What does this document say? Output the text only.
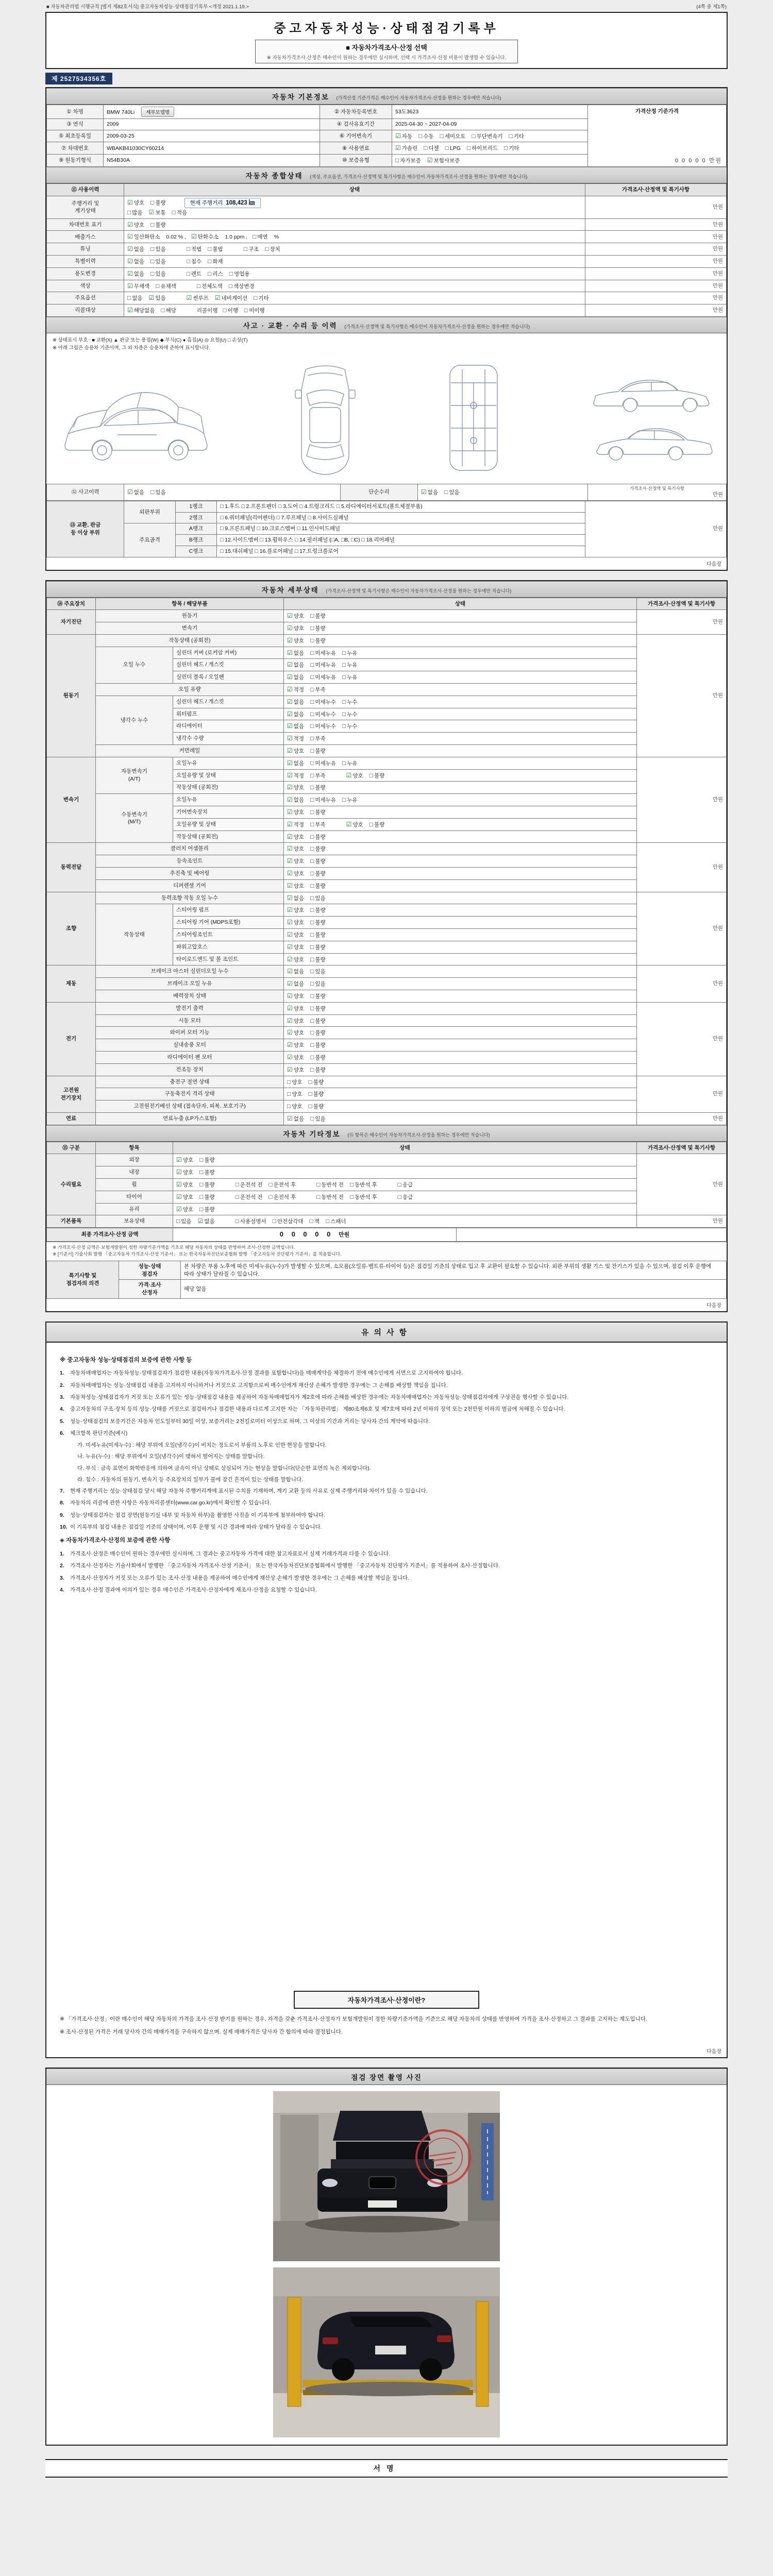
■ 자동차관리법 시행규칙 [별지 제82호서식] 중고자동차성능·상태점검기록부 <개정 2021.1.19.>	(4쪽 중 제1쪽)
중고자동차성능·상태점검기록부
■ 자동차가격조사·산정 선택
※ 자동차가격조사·산정은 매수인이 원하는 경우에만 실시하며, 선택 시 가격조사·산정 비용이 발생할 수 있습니다.
제 2527534356호
자동차 기본정보 (가격산정 기준가격은 매수인이 자동차가격조사·산정을 원하는 경우에만 적습니다)
① 차명	BMW 740Li 세부모델명	② 자동차등록번호	53도3623	가격산정 기준가격
0 0 0 0 0 만원

③ 연식	2009	④ 검사유효기간	2025-04-30 ~ 2027-04-09	
⑤ 최초등록일	2009-03-25	⑥ 기어변속기	☑ 자동 □ 수동 □ 세미오토 □ 무단변속기 □ 기타	
⑦ 차대번호	WBAKB41030CY60214	⑧ 사용연료	☑ 가솔린 □ 디젤 □ LPG □ 하이브리드 □ 기타	
⑨ 원동기형식	N54B30A	⑩ 보증유형	□ 자가보증 ☑ 보험사보증	
자동차 종합상태 (색상, 주요옵션, 가격조사·산정액 및 특기사항은 매수인이 자동차가격조사·산정을 원하는 경우에만 적습니다)
⑪ 사용이력	상태	가격조사·산정액 및 특기사항
주행거리 및
계기상태	☑ 양호 □ 불량 현재 주행거리  108,423 ㎞
□ 많음 ☑ 보통 □ 적음	만원
차대번호 표기	☑ 양호 □ 불량	만원
배출가스	☑ 일산화탄소 0.02 % , ☑ 탄화수소 1.0 ppm , □ 매연 %	만원
튜닝	☑ 없음 □ 있음 □ 적법 □ 불법 □ 구조 □ 장치	만원
특별이력	☑ 없음 □ 있음 □ 침수 □ 화재	만원
용도변경	☑ 없음 □ 있음 □ 렌트 □ 리스 □ 영업용	만원
색상	☑ 무채색 □ 유채색 □ 전체도색 □ 색상변경	만원
주요옵션	□ 없음 ☑ 있음 ☑ 썬루프 ☑ 네비게이션 □ 기타	만원
리콜대상	☑ 해당없음 □ 해당 리콜이행 □ 이행 □ 미이행	만원
사고 · 교환 · 수리 등 이력 (가격조사·산정액 및 특기사항은 매수인이 자동차가격조사·산정을 원하는 경우에만 적습니다)
※ 상태표시 부호 : ■ 교환(X) ▲ 판금 또는 용접(W) ◆ 부식(C) ● 흠집(A) ◎ 요철(U) □ 손상(T)
※ 아래 그림은 승용차 기준이며, 그 외 차종은 승용차에 준하여 표시합니다.
⑫ 사고이력	☑ 없음 □ 있음	단순수리	☑ 없음 □ 있음	
가격조사·산정액 및 특기사항
만원
⑬ 교환, 판금
등 이상 부위	외판부위	1랭크	□ 1.후드 □ 2.프론트펜더 □ 3.도어 □ 4.트렁크리드 □ 5.라디에이터서포트(볼트체결부품)	만원
		2랭크	□ 6.쿼터패널(리어펜더) □ 7.루프패널 □ 8.사이드실패널	
	주요골격	A랭크	□ 9.프론트패널 □ 10.크로스멤버 □ 11.인사이드패널	
		B랭크	□ 12.사이드멤버 □ 13.휠하우스 □ 14.필러패널 (□A, □B, □C) □ 18.리어패널	
		C랭크	□ 15.대쉬패널 □ 16.플로어패널 □ 17.트렁크플로어	
다음장
자동차 세부상태 (가격조사·산정액 및 특기사항은 매수인이 자동차가격조사·산정을 원하는 경우에만 적습니다)
⑭ 주요장치	항목 / 해당부품		상태	가격조사·산정액 및 특기사항
자기진단	원동기		☑ 양호 □ 불량	만원
	변속기		☑ 양호 □ 불량	
원동기	작동상태 (공회전)		☑ 양호 □ 불량	만원
	오일 누수	실린더 커버 (로커암 커버)	☑ 없음 □ 미세누유 □ 누유	
		실린더 헤드 / 개스킷	☑ 없음 □ 미세누유 □ 누유	
		실린더 블록 / 오일팬	☑ 없음 □ 미세누유 □ 누유	
	오일 유량		☑ 적정 □ 부족	
	냉각수 누수	실린더 헤드 / 개스킷	☑ 없음 □ 미세누수 □ 누수	
		워터펌프	☑ 없음 □ 미세누수 □ 누수	
		라디에이터	☑ 없음 □ 미세누수 □ 누수	
		냉각수 수량	☑ 적정 □ 부족	
	커먼레일		☑ 양호 □ 불량	
변속기	자동변속기
(A/T)	오일누유	☑ 없음 □ 미세누유 □ 누유	만원
		오일유량 및 상태	☑ 적정 □ 부족 ☑ 양호 □ 불량	
		작동상태 (공회전)	☑ 양호 □ 불량	
	수동변속기
(M/T)	오일누유	☑ 없음 □ 미세누유 □ 누유	
		기어변속장치	☑ 양호 □ 불량	
		오일유량 및 상태	☑ 적정 □ 부족 ☑ 양호 □ 불량	
		작동상태 (공회전)	☑ 양호 □ 불량	
동력전달	클러치 어셈블리		☑ 양호 □ 불량	만원
	등속조인트		☑ 양호 □ 불량	
	추진축 및 베어링		☑ 양호 □ 불량	
	디퍼렌셜 기어		☑ 양호 □ 불량	
조향	동력조향 작동 오일 누수		☑ 없음 □ 있음	만원
	작동상태	스티어링 펌프	☑ 양호 □ 불량	
		스티어링 기어 (MDPS포함)	☑ 양호 □ 불량	
		스티어링조인트	☑ 양호 □ 불량	
		파워고압호스	☑ 양호 □ 불량	
		타이로드엔드 및 볼 조인트	☑ 양호 □ 불량	
제동	브레이크 마스터 실린더오일 누수		☑ 없음 □ 있음	만원
	브레이크 오일 누유		☑ 없음 □ 있음	
	배력장치 상태		☑ 양호 □ 불량	
전기	발전기 출력		☑ 양호 □ 불량	만원
	시동 모터		☑ 양호 □ 불량	
	와이퍼 모터 기능		☑ 양호 □ 불량	
	실내송풍 모터		☑ 양호 □ 불량	
	라디에이터 팬 모터		☑ 양호 □ 불량	
	전조등 장치		☑ 양호 □ 불량	
고전원
전기장치	충전구 절연 상태		□ 양호 □ 불량	만원
	구동축전지 격리 상태		□ 양호 □ 불량	
	고전원전기배선 상태 (접속단자, 피복, 보호기구)		□ 양호 □ 불량	
연료	연료누출 (LP가스포함)		☑ 없음 □ 있음	만원
자동차 기타정보 (⑮ 항목은 매수인이 자동차가격조사·산정을 원하는 경우에만 적습니다)
⑮ 구분	항목	상태	가격조사·산정액 및 특기사항
수리필요	외장	☑ 양호 □ 불량	만원
	내장	☑ 양호 □ 불량	
	휠	☑ 양호 □ 불량 □ 운전석 전 □ 운전석 후 □ 동반석 전 □ 동반석 후 □ 응급	
	타이어	☑ 양호 □ 불량 □ 운전석 전 □ 운전석 후 □ 동반석 전 □ 동반석 후 □ 응급	
	유리	☑ 양호 □ 불량	
기본품목	보유상태	□ 있음 ☑ 없음 □ 사용설명서 □ 안전삼각대 □ 잭 □ 스패너	만원
최종 가격조사·산정 금액	0 0 0 0 0 만원	
※ 가격조사·산정 금액은 보험개발원이 정한 차량기준가액을 기초로 해당 자동차의 상태를 반영하여 조사·산정한 금액입니다.
※ [기준서] 기술사회 발행 「중고자동차 가격조사·산정 기준서」 또는 한국자동차진단보증협회 발행 「중고자동차 진단평가 기준서」를 적용합니다.
특기사항 및
점검자의 의견	성능·상태
점검자	본 차량은 부품 노후에 따른 미세누유(누수)가 발생할 수 있으며, 소모품(오일류·벨트류·타이어 등)은 점검일 기준의 상태로 입고 후 교환이 필요할 수 있습니다. 외판 부위의 생활 기스 및 잔기스가 있을 수 있으며, 점검 이후 운행에 따라 상태가 달라질 수 있습니다.
	가격·조사
산정자	해당 없음
다음장
유의사항
※ 중고자동차 성능·상태점검의 보증에 관한 사항 등
1.	자동차매매업자는 자동차성능·상태점검자가 점검한 내용(자동차가격조사·산정 결과를 포함합니다)을 매매계약을 체결하기 전에 매수인에게 서면으로 고지하여야 합니다.
2.	자동차매매업자는 성능·상태점검 내용을 고지하지 아니하거나 거짓으로 고지함으로써 매수인에게 재산상 손해가 발생한 경우에는 그 손해를 배상할 책임을 집니다.
3.	자동차성능·상태점검자가 거짓 또는 오류가 있는 성능·상태점검 내용을 제공하여 자동차매매업자가 제2호에 따라 손해를 배상한 경우에는 자동차매매업자는 자동차성능·상태점검자에게 구상권을 행사할 수 있습니다.
4.	중고자동차의 구조·장치 등의 성능·상태를 거짓으로 점검하거나 점검한 내용과 다르게 고지한 자는 「자동차관리법」 제80조제6호 및 제7호에 따라 2년 이하의 징역 또는 2천만원 이하의 벌금에 처해질 수 있습니다.
5.	성능·상태점검의 보증기간은 자동차 인도일부터 30일 이상, 보증거리는 2천킬로미터 이상으로 하며, 그 이상의 기간과 거리는 당사자 간의 계약에 따릅니다.
6.	체크항목 판단기준(예시)
가. 미세누유(미세누수) : 해당 부위에 오일(냉각수)이 비치는 정도로서 부품의 노후로 인한 현상을 말합니다.
나. 누유(누수) : 해당 부위에서 오일(냉각수)이 맺혀서 떨어지는 상태를 말합니다.
다. 부식 : 금속 표면이 화학반응에 의하여 금속이 아닌 상태로 상실되어 가는 현상을 말합니다(단순한 표면의 녹은 제외합니다).
라. 침수 : 자동차의 원동기, 변속기 등 주요장치의 일부가 물에 잠긴 흔적이 있는 상태를 말합니다.
7.	현재 주행거리는 성능·상태점검 당시 해당 자동차 주행거리계에 표시된 수치를 기재하며, 계기 교환 등의 사유로 실제 주행거리와 차이가 있을 수 있습니다.
8.	자동차의 리콜에 관한 사항은 자동차리콜센터(www.car.go.kr)에서 확인할 수 있습니다.
9.	성능·상태점검자는 점검 장면(원동기실 내부 및 자동차 하부)을 촬영한 사진을 이 기록부에 첨부하여야 합니다.
10. 이 기록부의 점검 내용은 점검일 기준의 상태이며, 이후 운행 및 시간 경과에 따라 상태가 달라질 수 있습니다.
◈ 자동차가격조사·산정의 보증에 관한 사항
1.	가격조사·산정은 매수인이 원하는 경우에만 실시하며, 그 결과는 중고자동차 가격에 대한 참고자료로서 실제 거래가격과 다를 수 있습니다.
2.	가격조사·산정자는 기술사회에서 발행한 「중고자동차 가격조사·산정 기준서」 또는 한국자동차진단보증협회에서 발행한 「중고자동차 진단평가 기준서」를 적용하여 조사·산정합니다.
3.	가격조사·산정자가 거짓 또는 오류가 있는 조사·산정 내용을 제공하여 매수인에게 재산상 손해가 발생한 경우에는 그 손해를 배상할 책임을 집니다.
4.	가격조사·산정 결과에 이의가 있는 경우 매수인은 가격조사·산정자에게 재조사·산정을 요청할 수 있습니다.
자동차가격조사·산정이란?

※ 「가격조사·산정」이란 매수인이 해당 자동차의 가격을 조사·산정 받기를 원하는 경우, 자격을 갖춘 가격조사·산정자가 보험개발원이 정한 차량기준가액을 기준으로 해당 자동차의 상태를 반영하여 가격을 조사·산정하고 그 결과를 고지하는 제도입니다.

※ 조사·산정된 가격은 거래 당사자 간의 매매가격을 구속하지 않으며, 실제 매매가격은 당사자 간 합의에 따라 결정됩니다.

다음장
점검 장면 촬영 사진
서명
